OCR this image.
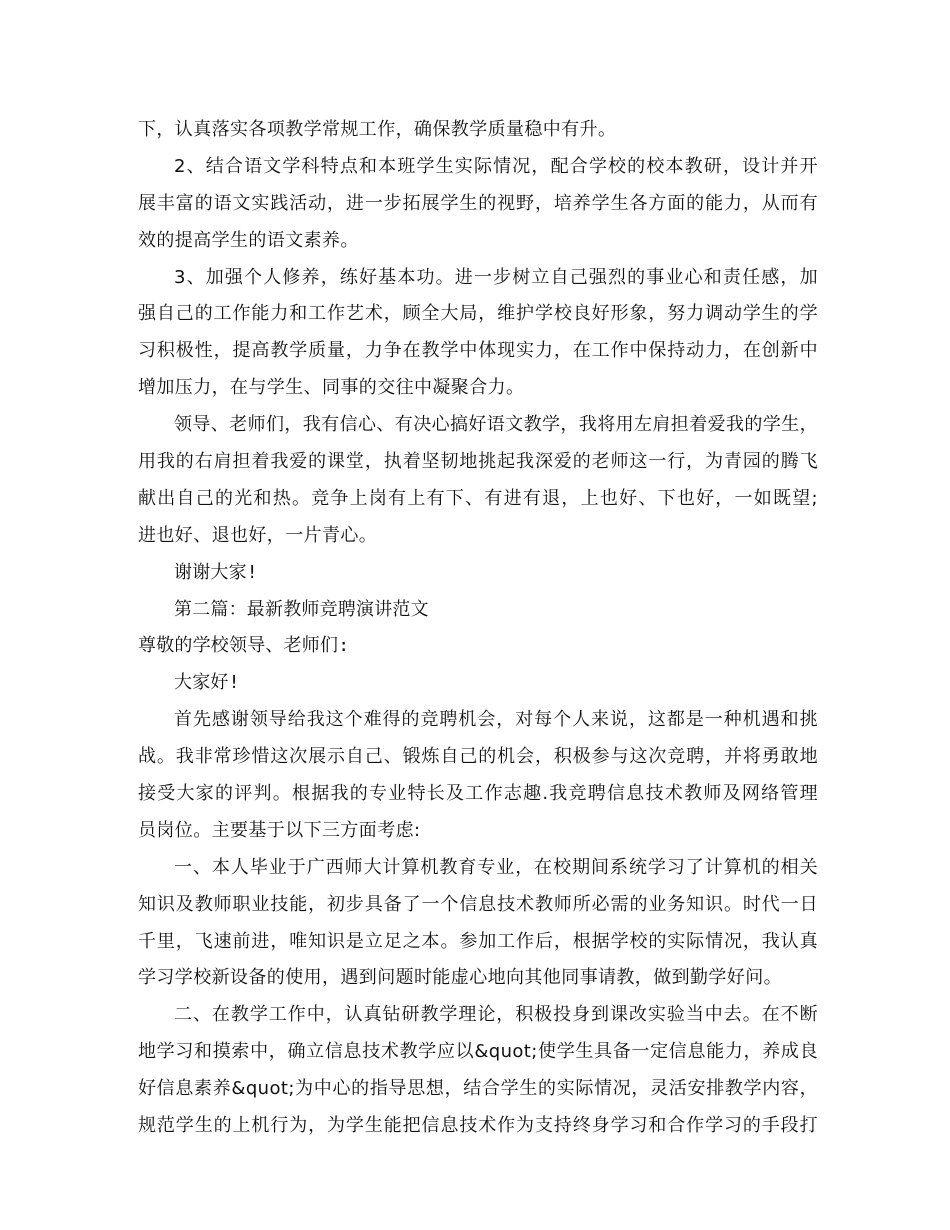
下，认真落实各项教学常规工作，确保教学质量稳中有升。
2、结合语文学科特点和本班学生实际情况，配合学校的校本教研，设计并开
展丰富的语文实践活动，进一步拓展学生的视野，培养学生各方面的能力，从而有
效的提高学生的语文素养。
3、加强个人修养，练好基本功。进一步树立自己强烈的事业心和责任感，加
强自己的工作能力和工作艺术，顾全大局，维护学校良好形象，努力调动学生的学
习积极性，提高教学质量，力争在教学中体现实力，在工作中保持动力，在创新中
增加压力，在与学生、同事的交往中凝聚合力。
领导、老师们，我有信心、有决心搞好语文教学，我将用左肩担着爱我的学生，
用我的右肩担着我爱的课堂，执着坚韧地挑起我深爱的老师这一行，为青园的腾飞
献出自己的光和热。竞争上岗有上有下、有进有退，上也好、下也好，一如既望;
进也好、退也好，一片青心。
谢谢大家!
第二篇：最新教师竞聘演讲范文
尊敬的学校领导、老师们:
大家好!
首先感谢领导给我这个难得的竞聘机会，对每个人来说，这都是一种机遇和挑
战。我非常珍惜这次展示自己、锻炼自己的机会，积极参与这次竞聘，并将勇敢地
接受大家的评判。根据我的专业特长及工作志趣.我竞聘信息技术教师及网络管理
员岗位。主要基于以下三方面考虑:
一、本人毕业于广西师大计算机教育专业，在校期间系统学习了计算机的相关
知识及教师职业技能，初步具备了一个信息技术教师所必需的业务知识。时代一日
千里，飞速前进，唯知识是立足之本。参加工作后，根据学校的实际情况，我认真
学习学校新设备的使用，遇到问题时能虚心地向其他同事请教，做到勤学好问。
二、在教学工作中，认真钻研教学理论，积极投身到课改实验当中去。在不断
地学习和摸索中，确立信息技术教学应以&quot;使学生具备一定信息能力，养成良
好信息素养&quot;为中心的指导思想，结合学生的实际情况，灵活安排教学内容，
规范学生的上机行为，为学生能把信息技术作为支持终身学习和合作学习的手段打
